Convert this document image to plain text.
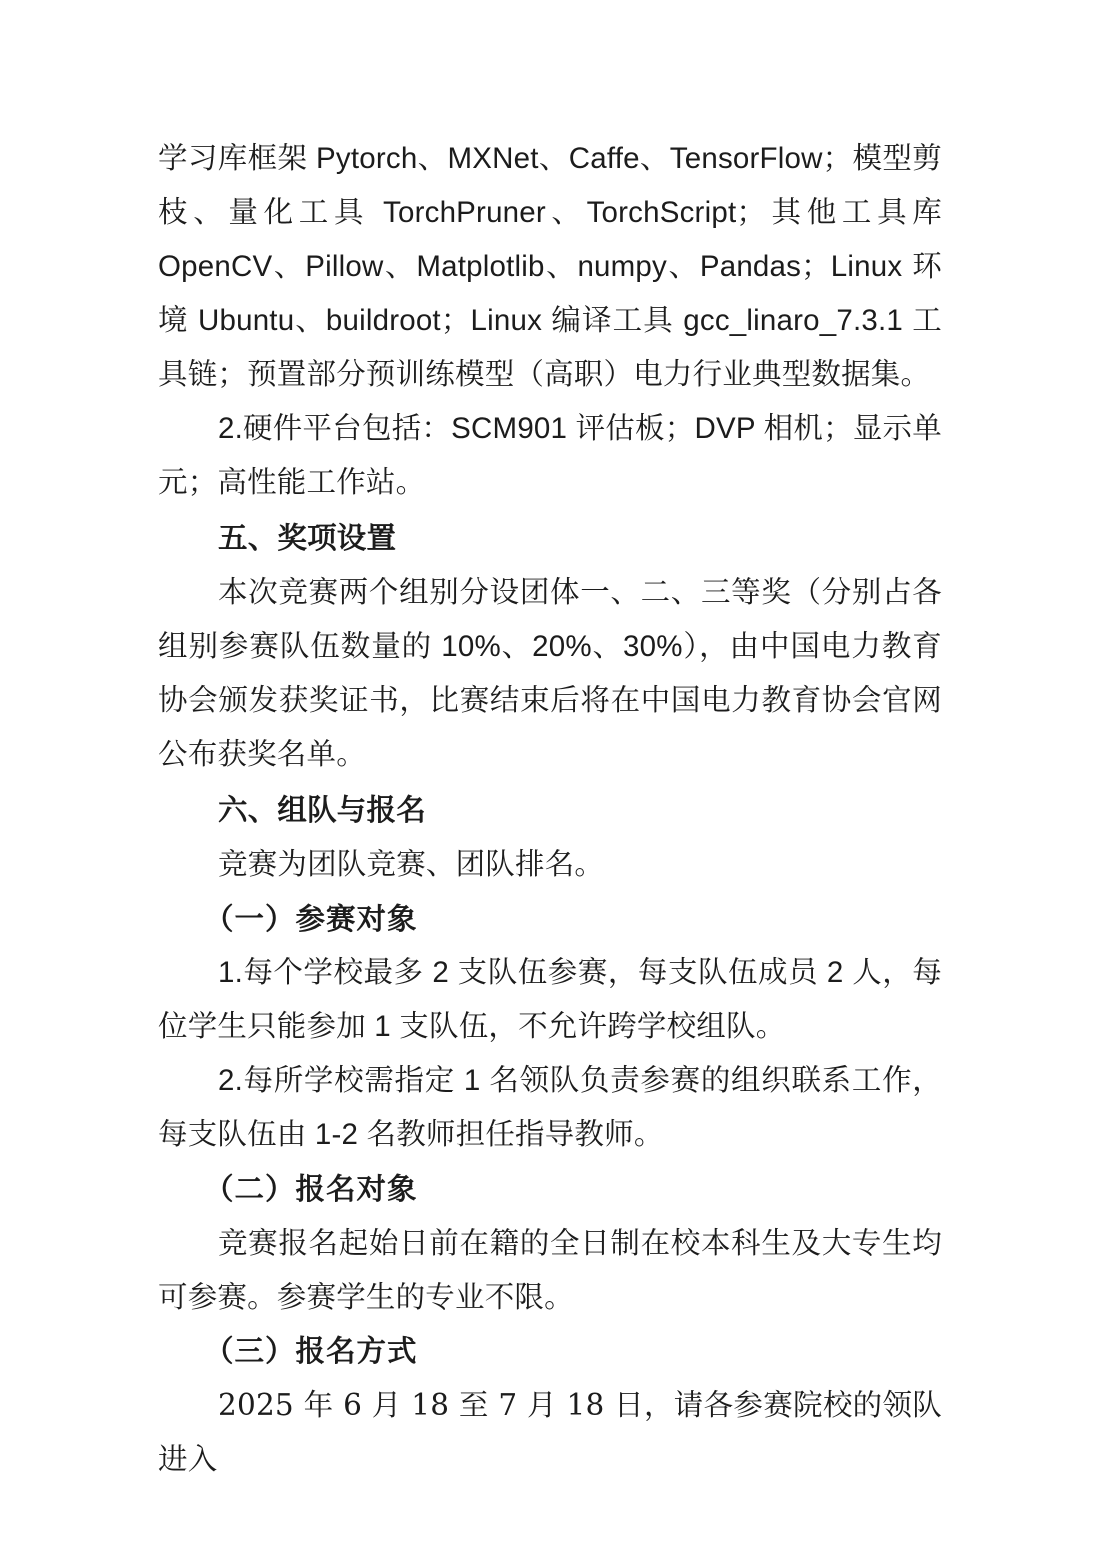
学习库框架 Pytorch、MXNet、Caffe、TensorFlow；模型剪枝、量化工具 TorchPruner、TorchScript；其他工具库 OpenCV、Pillow、Matplotlib、numpy、Pandas；Linux 环境 Ubuntu、buildroot；Linux 编译工具 gcc_linaro_7.3.1 工具链；预置部分预训练模型（高职）电力行业典型数据集。

2.硬件平台包括：SCM901 评估板；DVP 相机；显示单元；高性能工作站。

五、奖项设置

本次竞赛两个组别分设团体一、二、三等奖（分别占各组别参赛队伍数量的 10%、20%、30%），由中国电力教育协会颁发获奖证书，比赛结束后将在中国电力教育协会官网公布获奖名单。

六、组队与报名

竞赛为团队竞赛、团队排名。

（一）参赛对象

1.每个学校最多 2 支队伍参赛，每支队伍成员 2 人，每位学生只能参加 1 支队伍，不允许跨学校组队。

2.每所学校需指定 1 名领队负责参赛的组织联系工作，每支队伍由 1-2 名教师担任指导教师。

（二）报名对象

竞赛报名起始日前在籍的全日制在校本科生及大专生均可参赛。参赛学生的专业不限。

（三）报名方式

2025 年 6 月 18 至 7 月 18 日，请各参赛院校的领队进入
